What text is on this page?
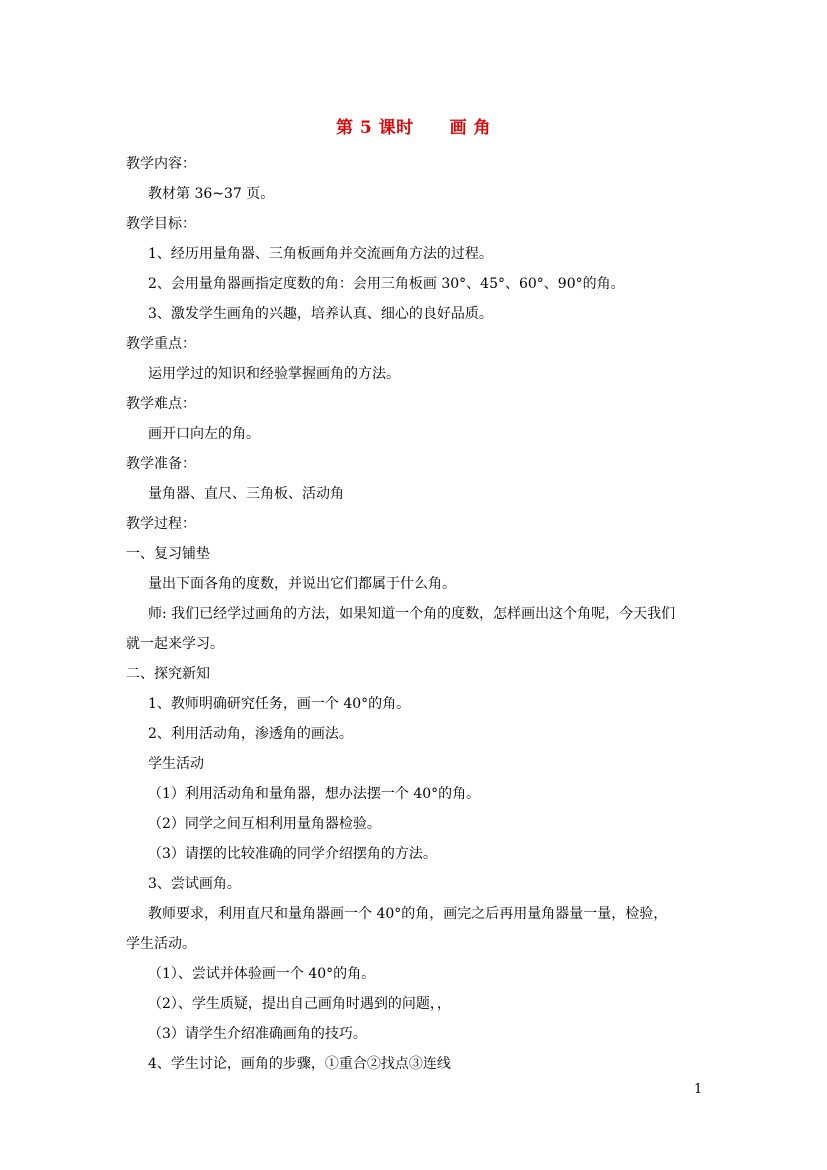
第 5 课时 画 角
教学内容：
教材第 36~37 页。
教学目标：
1、经历用量角器、三角板画角并交流画角方法的过程。
2、会用量角器画指定度数的角：会用三角板画 30°、45°、60°、90°的角。
3、激发学生画角的兴趣，培养认真、细心的良好品质。
教学重点：
运用学过的知识和经验掌握画角的方法。
教学难点：
画开口向左的角。
教学准备：
量角器、直尺、三角板、活动角
教学过程：
一、复习铺垫
量出下面各角的度数，并说出它们都属于什么角。
师: 我们已经学过画角的方法，如果知道一个角的度数，怎样画出这个角呢，今天我们
就一起来学习。
二、探究新知
1、教师明确研究任务，画一个 40°的角。
2、利用活动角，渗透角的画法。
学生活动
（1）利用活动角和量角器，想办法摆一个 40°的角。
（2）同学之间互相利用量角器检验。
（3）请摆的比较准确的同学介绍摆角的方法。
3、尝试画角。
教师要求，利用直尺和量角器画一个 40°的角，画完之后再用量角器量一量，检验，
学生活动。
（1）、尝试并体验画一个 40°的角。
（2）、学生质疑，提出自己画角时遇到的问题，，
（3）请学生介绍准确画角的技巧。
4、学生讨论，画角的步骤，①重合②找点③连线
1
